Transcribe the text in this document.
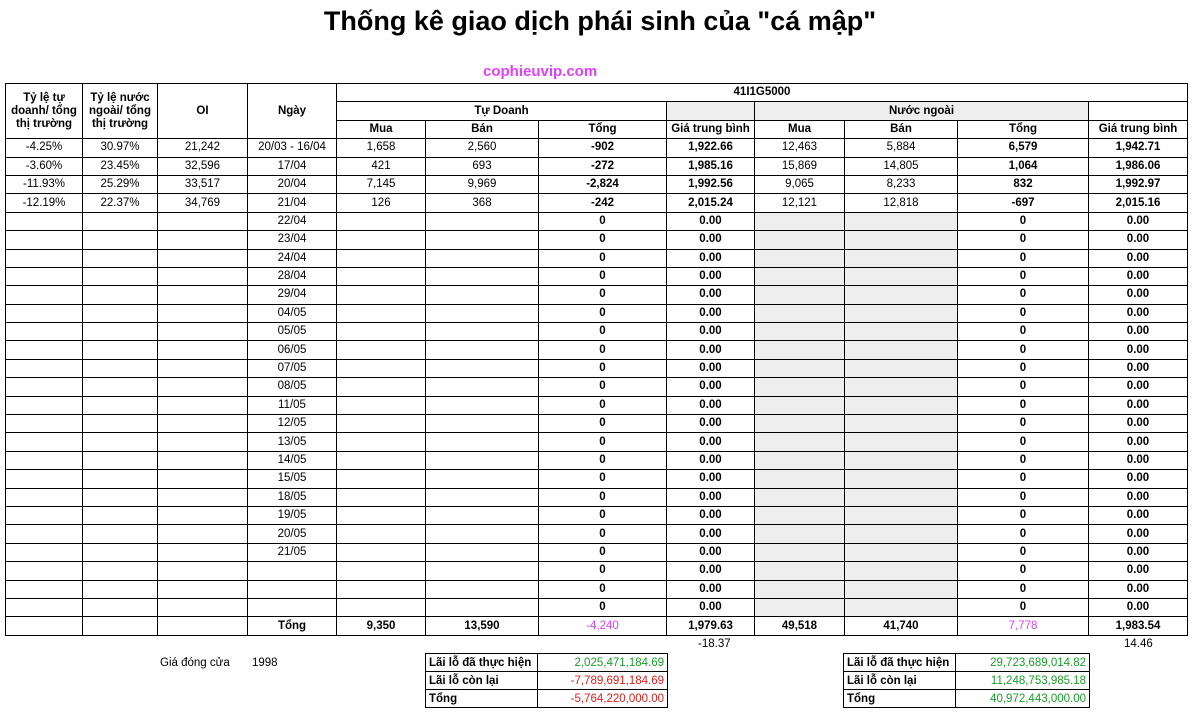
Thống kê giao dịch phái sinh của "cá mập"
cophieuvip.com
Tỷ lệ tự doanh/ tổng thị trường	Tỷ lệ nước ngoài/ tổng thị trường	OI	Ngày	41I1G5000							
				Tự Doanh				Nước ngoài			
				Mua	Bán	Tổng	Giá trung bình	Mua	Bán	Tổng	Giá trung bình
-4.25%	30.97%	21,242	20/03 - 16/04	1,658	2,560	-902	1,922.66	12,463	5,884	6,579	1,942.71
-3.60%	23.45%	32,596	17/04	421	693	-272	1,985.16	15,869	14,805	1,064	1,986.06
-11.93%	25.29%	33,517	20/04	7,145	9,969	-2,824	1,992.56	9,065	8,233	832	1,992.97
-12.19%	22.37%	34,769	21/04	126	368	-242	2,015.24	12,121	12,818	-697	2,015.16
			22/04			0	0.00			0	0.00
			23/04			0	0.00			0	0.00
			24/04			0	0.00			0	0.00
			28/04			0	0.00			0	0.00
			29/04			0	0.00			0	0.00
			04/05			0	0.00			0	0.00
			05/05			0	0.00			0	0.00
			06/05			0	0.00			0	0.00
			07/05			0	0.00			0	0.00
			08/05			0	0.00			0	0.00
			11/05			0	0.00			0	0.00
			12/05			0	0.00			0	0.00
			13/05			0	0.00			0	0.00
			14/05			0	0.00			0	0.00
			15/05			0	0.00			0	0.00
			18/05			0	0.00			0	0.00
			19/05			0	0.00			0	0.00
			20/05			0	0.00			0	0.00
			21/05			0	0.00			0	0.00
						0	0.00			0	0.00
						0	0.00			0	0.00
						0	0.00			0	0.00
			Tổng	9,350	13,590	-4,240	1,979.63	49,518	41,740	7,778	1,983.54
-18.37	14.46
Giá đóng cửa 1998	Lãi lỗ đã thực hiện	2,025,471,184.69
Lãi lỗ còn lại	-7,789,691,184.69
Tổng	-5,764,220,000.00
Lãi lỗ đã thực hiện	29,723,689,014.82
Lãi lỗ còn lại	11,248,753,985.18
Tổng	40,972,443,000.00
